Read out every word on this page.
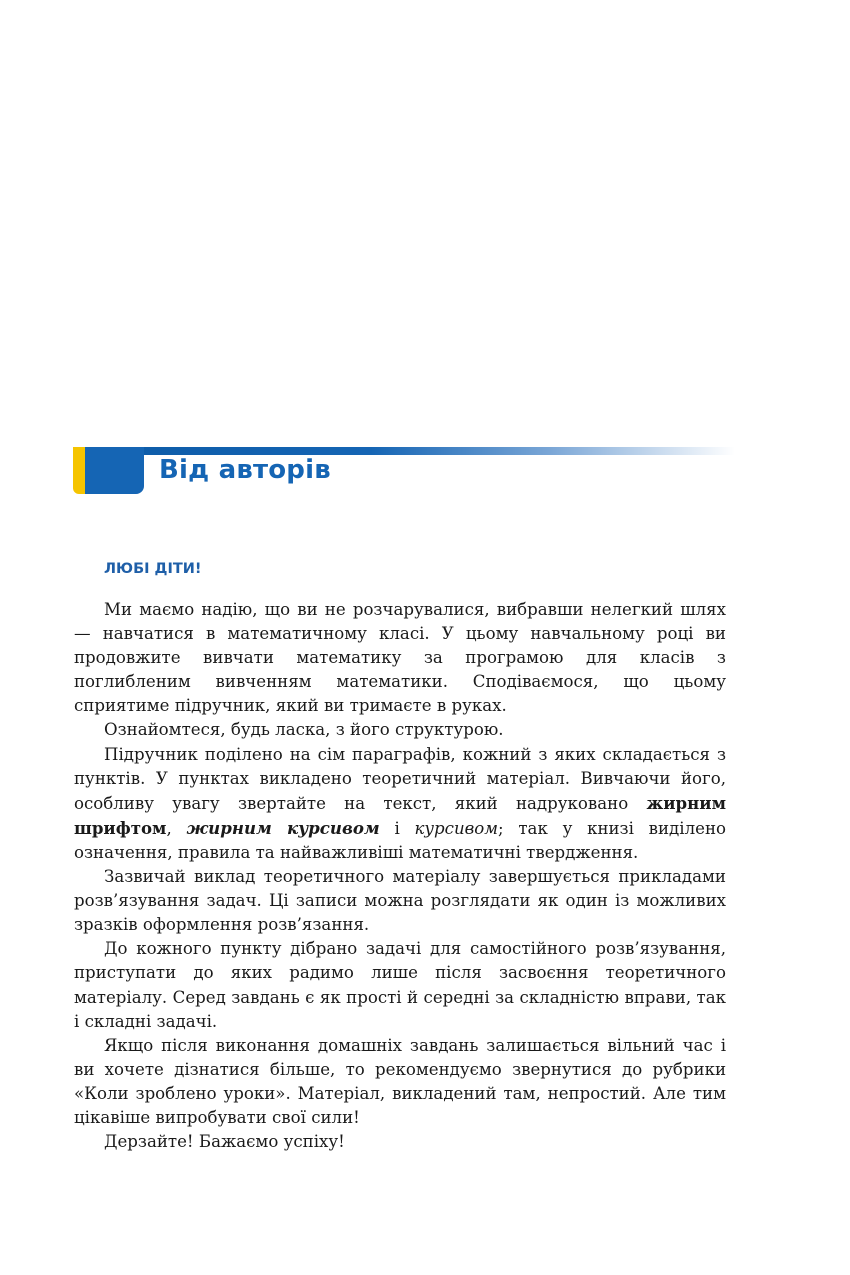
Від авторів
ЛЮБІ ДІТИ!

Ми маємо надію, що ви не розчарувалися, вибравши нелегкий шлях — навчатися в математичному класі. У цьому навчальному році ви продовжите вивчати математику за програмою для класів з поглибленим вивченням математики. Сподіваємося, що цьому сприятиме підручник, який ви тримаєте в руках.

Ознайомтеся, будь ласка, з його структурою.

Підручник поділено на сім параграфів, кожний з яких складається з пунктів. У пунктах викладено теоретичний матеріал. Вивчаючи його, особливу увагу звертайте на текст, який надруковано жирним шрифтом, жирним курсивом і курсивом; так у книзі виділено означення, правила та найважливіші математичні твердження.

Зазвичай виклад теоретичного матеріалу завершується прикладами розв’язування задач. Ці записи можна розглядати як один із можливих зразків оформлення розв’язання.

До кожного пункту дібрано задачі для самостійного розв’язування, приступати до яких радимо лише після засвоєння теоретичного матеріалу. Серед завдань є як прості й середні за складністю вправи, так і складні задачі.

Якщо після виконання домашніх завдань залишається вільний час і ви хочете дізнатися більше, то рекомендуємо звернутися до рубрики «Коли зроблено уроки». Матеріал, викладений там, непростий. Але тим цікавіше випробувати свої сили!

Дерзайте! Бажаємо успіху!
